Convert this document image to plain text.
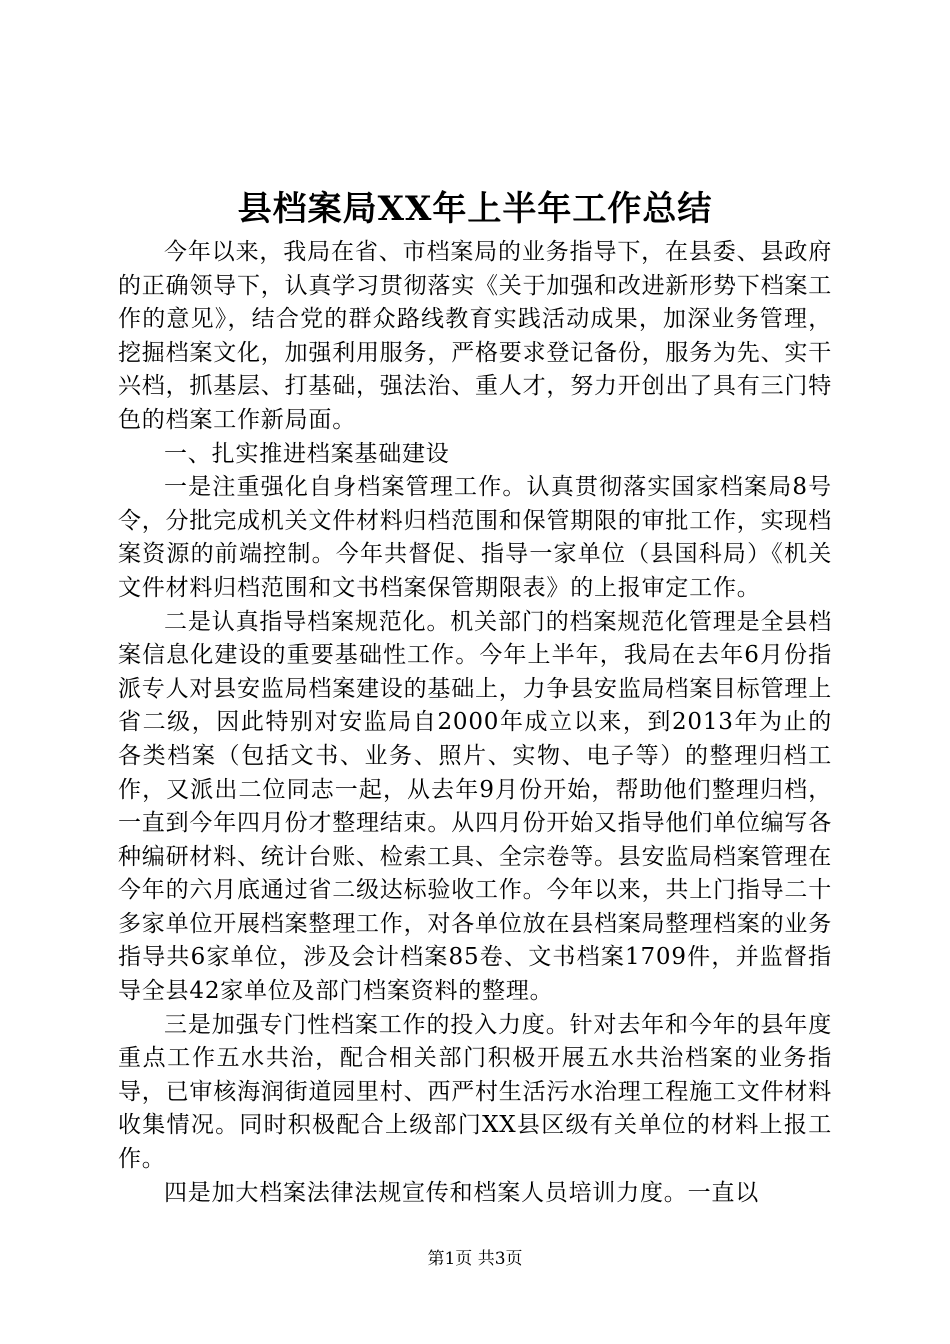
县档案局XX年上半年工作总结

今年以来，我局在省、市档案局的业务指导下，在县委、县政府的正确领导下，认真学习贯彻落实《关于加强和改进新形势下档案工作的意见》，结合党的群众路线教育实践活动成果，加深业务管理，挖掘档案文化，加强利用服务，严格要求登记备份，服务为先、实干兴档，抓基层、打基础，强法治、重人才，努力开创出了具有三门特色的档案工作新局面。

一、扎实推进档案基础建设

一是注重强化自身档案管理工作。认真贯彻落实国家档案局8号令，分批完成机关文件材料归档范围和保管期限的审批工作，实现档案资源的前端控制。今年共督促、指导一家单位（县国科局）《机关文件材料归档范围和文书档案保管期限表》的上报审定工作。

二是认真指导档案规范化。机关部门的档案规范化管理是全县档案信息化建设的重要基础性工作。今年上半年，我局在去年6月份指派专人对县安监局档案建设的基础上，力争县安监局档案目标管理上省二级，因此特别对安监局自2000年成立以来，到2013年为止的各类档案（包括文书、业务、照片、实物、电子等）的整理归档工作，又派出二位同志一起，从去年9月份开始，帮助他们整理归档，一直到今年四月份才整理结束。从四月份开始又指导他们单位编写各种编研材料、统计台账、检索工具、全宗卷等。县安监局档案管理在今年的六月底通过省二级达标验收工作。今年以来，共上门指导二十多家单位开展档案整理工作，对各单位放在县档案局整理档案的业务指导共6家单位，涉及会计档案85卷、文书档案1709件，并监督指导全县42家单位及部门档案资料的整理。

三是加强专门性档案工作的投入力度。针对去年和今年的县年度重点工作五水共治，配合相关部门积极开展五水共治档案的业务指导，已审核海润街道园里村、西严村生活污水治理工程施工文件材料收集情况。同时积极配合上级部门XX县区级有关单位的材料上报工作。

四是加大档案法律法规宣传和档案人员培训力度。一直以

第1页 共3页
